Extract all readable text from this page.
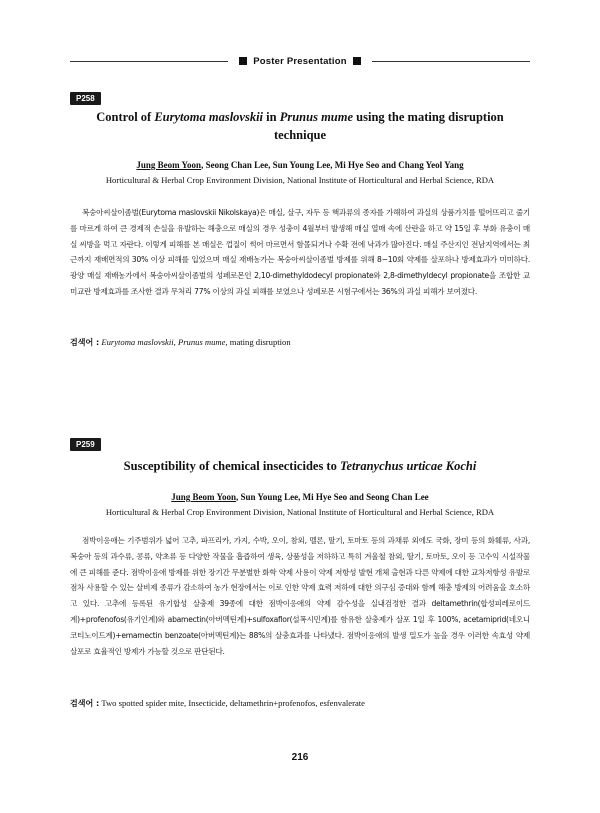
Poster Presentation
P258
Control of Eurytoma maslovskii in Prunus mume using the mating disruption technique
Jung Beom Yoon, Seong Chan Lee, Sun Young Lee, Mi Hye Seo and Chang Yeol Yang
Horticultural & Herbal Crop Environment Division, National Institute of Horticultural and Herbal Science, RDA

복숭아씨살이좀벌(Eurytoma maslovskii Nikolskaya)은 매실, 살구, 자두 등 핵과류의 종자를 가해하여 과실의 상품가치를 떨어뜨리고 줄기를 마르게 하여 큰 경제적 손실을 유발하는 해충으로 매실의 경우 성충이 4월부터 발생해 매실 열매 속에 산란을 하고 약 15일 후 부화 유충이 매실 씨방을 먹고 자란다. 이렇게 피해를 본 매실은 껍질이 썩어 마르면서 함몰되거나 수확 전에 낙과가 많아진다. 매실 주산지인 전남지역에서는 최근까지 재배면적의 30% 이상 피해를 입었으며 매실 재배농가는 복숭아씨살이좀벌 방제를 위해 8~10회 약제를 살포하나 방제효과가 미미하다. 광양 매실 재배농가에서 복숭아씨살이좀벌의 성페로몬인 2,10-dimethyldodecyl propionate와 2,8-dimethyldecyl propionate을 조합한 교미교란 방제효과를 조사한 결과 무처리 77% 이상의 과실 피해를 보였으나 성페로몬 시험구에서는 36%의 과실 피해가 보여졌다.

검색어 : Eurytoma maslovskii, Prunus mume, mating disruption
P259
Susceptibility of chemical insecticides to Tetranychus urticae Kochi
Jung Beom Yoon, Sun Young Lee, Mi Hye Seo and Seong Chan Lee
Horticultural & Herbal Crop Environment Division, National Institute of Horticultural and Herbal Science, RDA

점박이응애는 기주범위가 넓어 고추, 파프리카, 가지, 수박, 오이, 참외, 멜론, 딸기, 토마토 등의 과채류 외에도 국화, 장미 등의 화훼류, 사과, 복숭아 등의 과수류, 콩류, 약초류 등 다양한 작물을 흡즙하여 생육, 상품성을 저하하고 특히 겨울철 참외, 딸기, 토마토, 오이 등 고수익 시설작물에 큰 피해를 준다. 점박이응애 방제를 위한 장기간 무분별한 화학 약제 사용이 약제 저항성 발현 개체 출현과 다른 약제에 대한 교차저항성 유발로 점차 사용할 수 있는 살비제 종류가 감소하여 농가 현장에서는 이로 인한 약제 효력 저하에 대한 의구심 증대와 함께 해충 방제의 어려움을 호소하고 있다. 고추에 등록된 유기합성 살충제 39종에 대한 점박이응애의 약제 감수성을 실내검정한 결과 deltamethrin(합성피레로이드계)+profenofos(유기인계)와 abamectin(아버멕틴계)+sulfoxaflor(설폭시민계)를 함유한 살충제가 살포 1일 후 100%, acetamiprid(네오니코티노이드계)+emamectin benzoate(아버멕틴계)는 88%의 살충효과를 나타냈다. 점박이응애의 발생 밀도가 높을 경우 이러한 속효성 약제 살포로 효율적인 방제가 가능할 것으로 판단된다.

검색어 : Two spotted spider mite, Insecticide, deltamethrin+profenofos, esfenvalerate
216
